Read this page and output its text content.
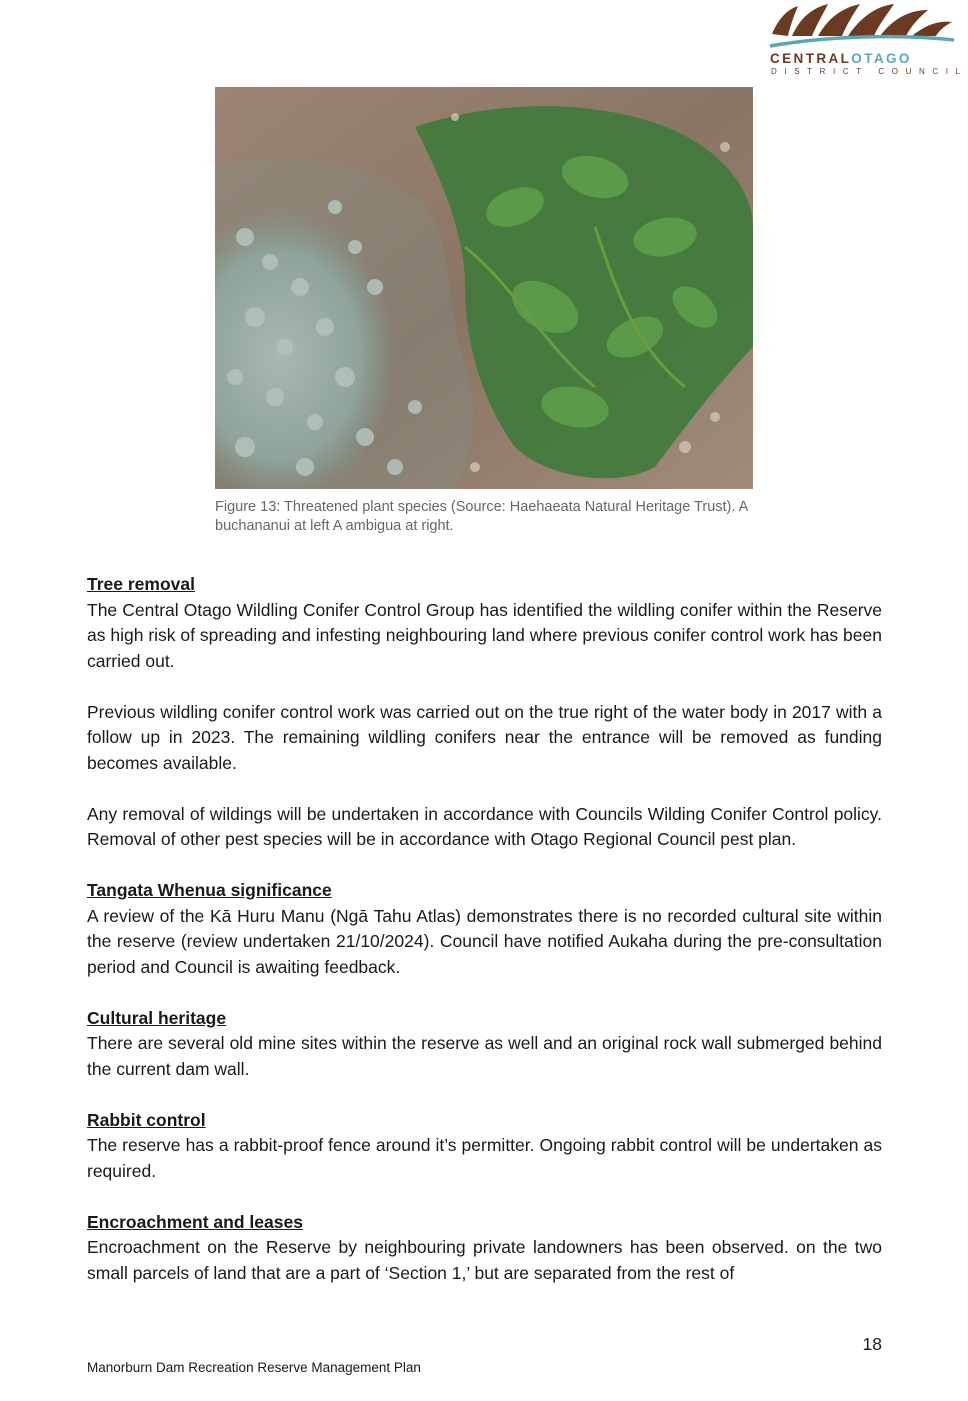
CENTRALOTAGO
DISTRICT COUNCIL
Figure 13: Threatened plant species (Source: Haehaeata Natural Heritage Trust). A buchananui at left A ambigua at right.

Tree removal

The Central Otago Wildling Conifer Control Group has identified the wildling conifer within the Reserve as high risk of spreading and infesting neighbouring land where previous conifer control work has been carried out.

Previous wildling conifer control work was carried out on the true right of the water body in 2017 with a follow up in 2023. The remaining wildling conifers near the entrance will be removed as funding becomes available.

Any removal of wildings will be undertaken in accordance with Councils Wilding Conifer Control policy. Removal of other pest species will be in accordance with Otago Regional Council pest plan.

Tangata Whenua significance

A review of the Kā Huru Manu (Ngā Tahu Atlas) demonstrates there is no recorded cultural site within the reserve (review undertaken 21/10/2024). Council have notified Aukaha during the pre-consultation period and Council is awaiting feedback.

Cultural heritage

There are several old mine sites within the reserve as well and an original rock wall submerged behind the current dam wall.

Rabbit control

The reserve has a rabbit-proof fence around it’s permitter. Ongoing rabbit control will be undertaken as required.

Encroachment and leases

Encroachment on the Reserve by neighbouring private landowners has been observed. on the two small parcels of land that are a part of ‘Section 1,’ but are separated from the rest of

18
Manorburn Dam Recreation Reserve Management Plan
